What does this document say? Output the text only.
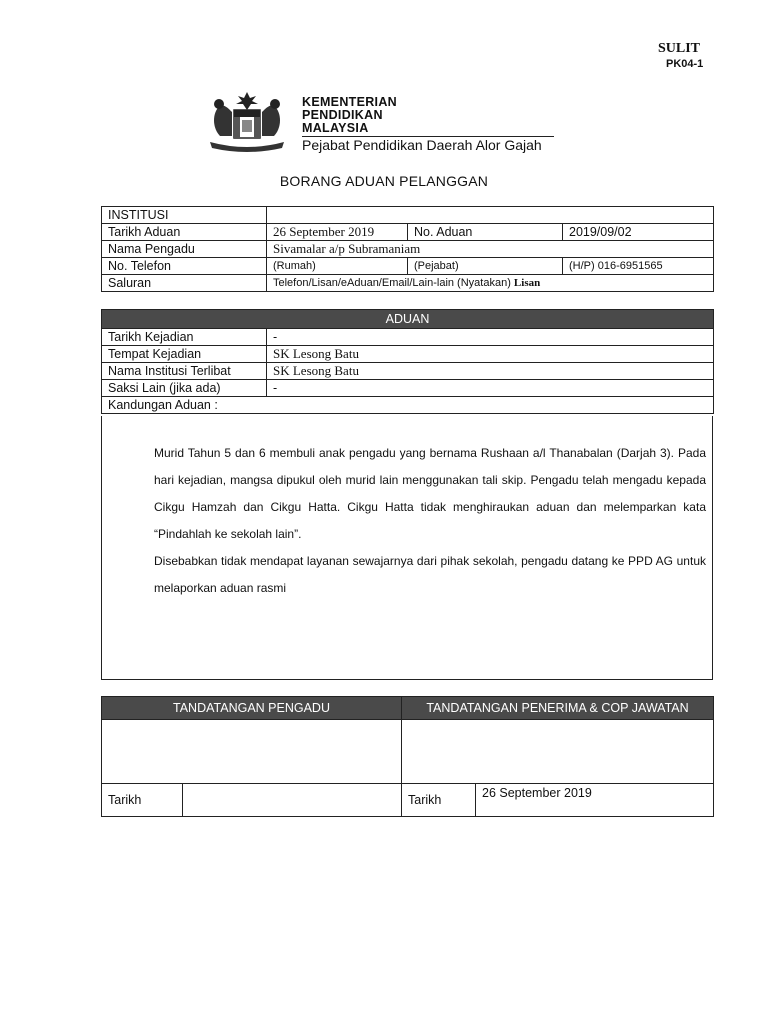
SULIT
PK04-1
KEMENTERIAN
PENDIDIKAN
MALAYSIA
Pejabat Pendidikan Daerah Alor Gajah
BORANG ADUAN PELANGGAN
INSTITUSI			
Tarikh Aduan	26 September 2019	No. Aduan	2019/09/02
Nama Pengadu	Sivamalar a/p Subramaniam		
No. Telefon	(Rumah)	(Pejabat)	(H/P) 016-6951565
Saluran	Telefon/Lisan/eAduan/Email/Lain-lain (Nyatakan) Lisan		
ADUAN	
Tarikh Kejadian	-
Tempat Kejadian	SK Lesong Batu
Nama Institusi Terlibat	SK Lesong Batu
Saksi Lain (jika ada)	-
Kandungan Aduan :	

Murid Tahun 5 dan 6 membuli anak pengadu yang bernama Rushaan a/l Thanabalan (Darjah 3). Pada hari kejadian, mangsa dipukul oleh murid lain menggunakan tali skip. Pengadu telah mengadu kepada Cikgu Hamzah dan Cikgu Hatta. Cikgu Hatta tidak menghiraukan aduan dan melemparkan kata “Pindahlah ke sekolah lain”.

Disebabkan tidak mendapat layanan sewajarnya dari pihak sekolah, pengadu datang ke PPD AG untuk melaporkan aduan rasmi

TANDATANGAN PENGADU		TANDATANGAN PENERIMA & COP JAWATAN	

Tarikh		Tarikh	26 September 2019
